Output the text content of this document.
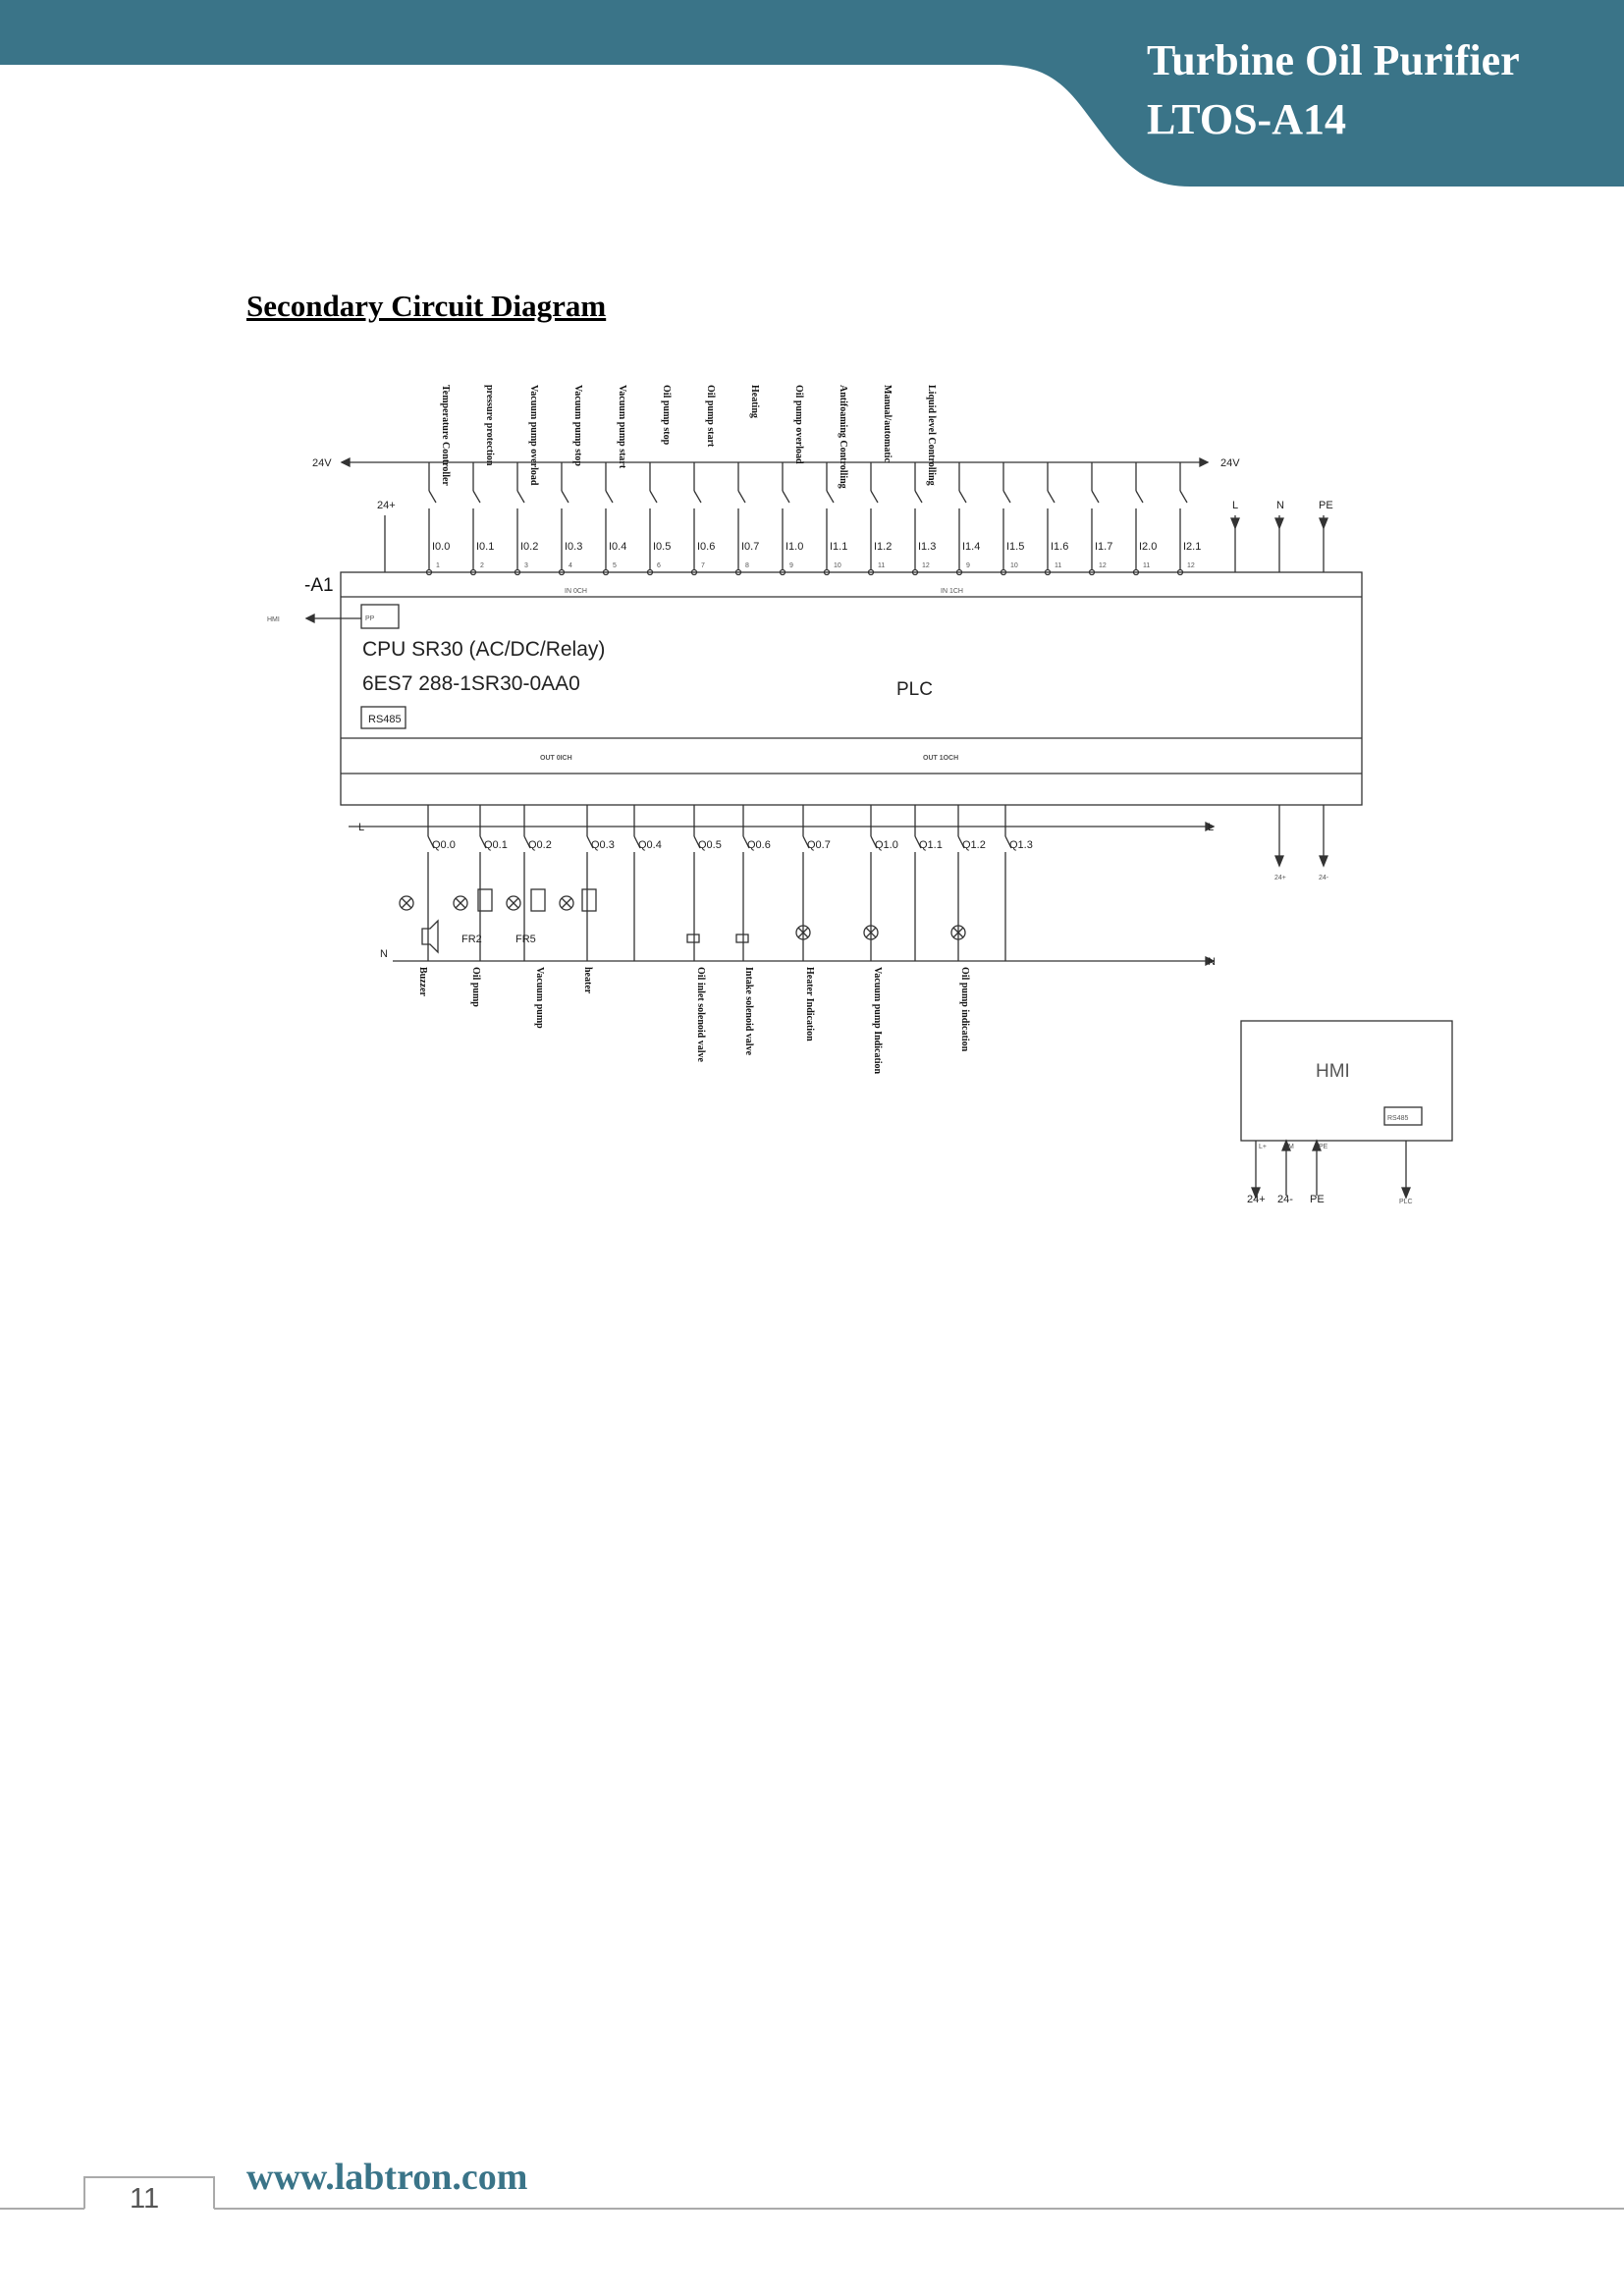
Turbine Oil Purifier
LTOS-A14
Secondary Circuit Diagram
24V	24V
Temperature Controller	pressure protection	Vacuum pump overload	Vacuum pump stop	Vacuum pump start	Oil pump stop	Oil pump start	Heating	Oil pump overload	Antifoaming Controlling	Manual/automatic	Liquid level Controlling
24+	L	N	PE
I0.0
1
I0.1
2
I0.2
3
I0.3
4
I0.4
5
I0.5
6
I0.6
7
I0.7
8
I1.0
9
I1.1
10
I1.2
11
I1.3
12
I1.4
9
I1.5
10
I1.6
11
I1.7
12
I2.0
11
I2.1
12
-A1
HMI
IN 0CH	IN 1CH
PP
CPU SR30 (AC/DC/Relay)
6ES7 288-1SR30-0AA0	PLC
RS485
OUT 0ICH	OUT 1OCH
Q0.0	Q0.1 Q0.2	Q0.3 Q0.4	Q0.5 Q0.6	Q0.7	Q1.0 Q1.1 Q1.2 Q1.3
L	L
N
N
24+	24-
FR2	FR5
Buzzer	Oil pump	Vacuum pump	heater	Oil inlet solenoid valve	Intake solenoid valve	Heater Indication	Vacuum pump Indication	Oil pump indication
HMI
RS485
L+	M	PE
24+ 24- PE	PLC
www.labtron.com
11
